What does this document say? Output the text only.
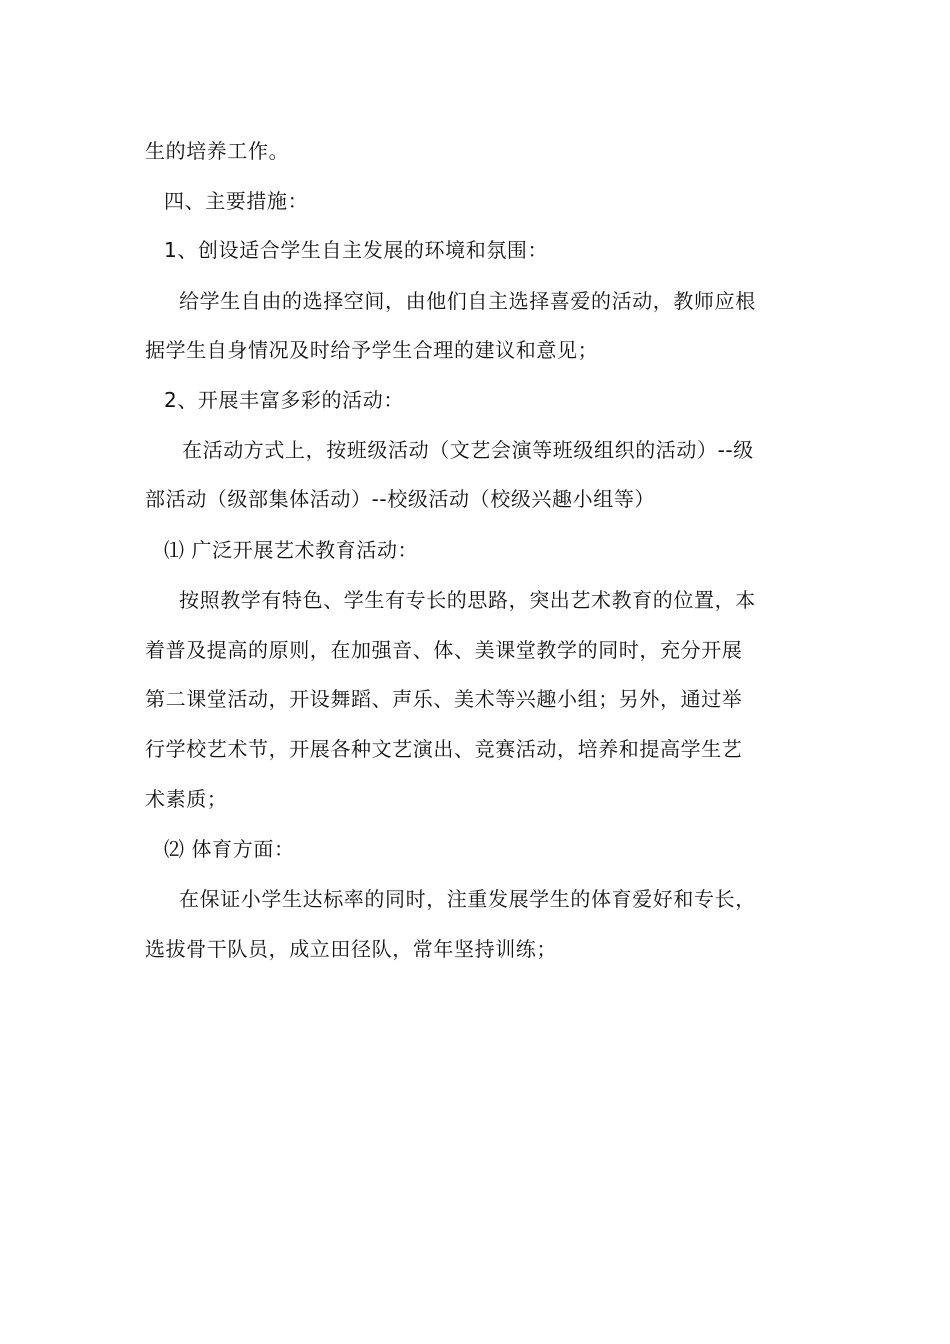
生的培养工作。
四、主要措施：
1、创设适合学生自主发展的环境和氛围：
给学生自由的选择空间，由他们自主选择喜爱的活动，教师应根
据学生自身情况及时给予学生合理的建议和意见；
2、开展丰富多彩的活动：
在活动方式上，按班级活动（文艺会演等班级组织的活动）--级
部活动（级部集体活动）--校级活动（校级兴趣小组等）
⑴ 广泛开展艺术教育活动：
按照教学有特色、学生有专长的思路，突出艺术教育的位置，本
着普及提高的原则，在加强音、体、美课堂教学的同时，充分开展
第二课堂活动，开设舞蹈、声乐、美术等兴趣小组；另外，通过举
行学校艺术节，开展各种文艺演出、竞赛活动，培养和提高学生艺
术素质；
⑵ 体育方面：
在保证小学生达标率的同时，注重发展学生的体育爱好和专长，
选拔骨干队员，成立田径队，常年坚持训练；
